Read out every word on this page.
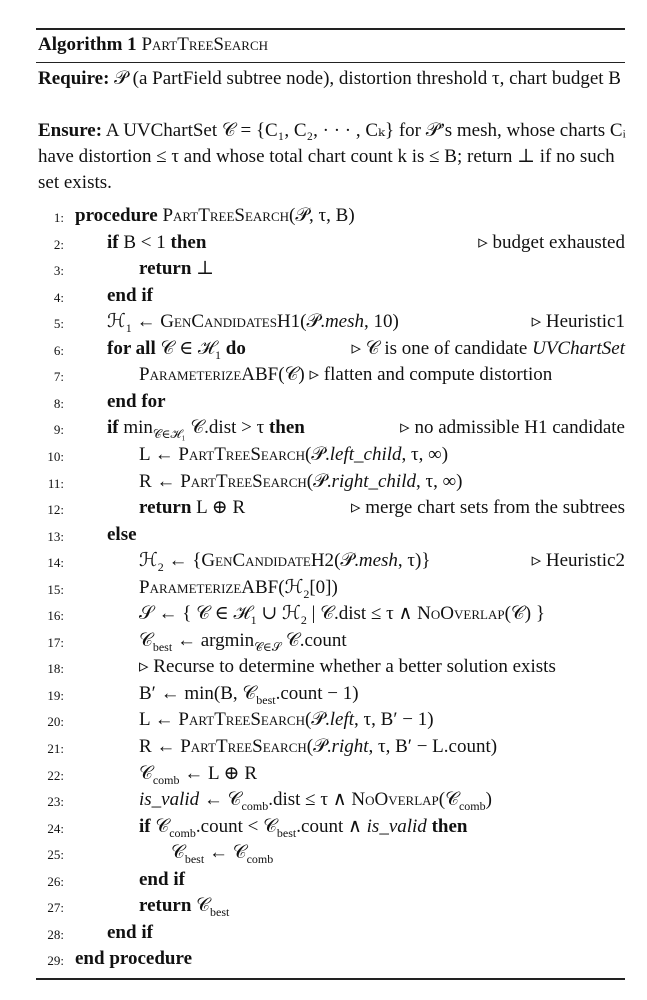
Algorithm 1 PartTreeSearch
Require: 𝒫 (a PartField subtree node), distortion threshold τ, chart budget B
Ensure: A UVChartSet 𝒞 = {C₁, C₂, · · · , Cₖ} for 𝒫’s mesh, whose charts Cᵢ have distortion ≤ τ and whose total chart count k is ≤ B; return ⊥ if no such set exists.
1: procedure PartTreeSearch(𝒫, τ, B)
2: if B < 1 then	▹ budget exhausted
3:	return ⊥
4: end if
5: ℋ$_1$ ← GenCandidatesH1(𝒫.mesh, 10)	▹ Heuristic1
6: for all 𝒞 ∈ ℋ$_1$ do	▹ 𝒞 is one of candidate UVChartSet
7:	ParameterizeABF(𝒞) ▹ flatten and compute distortion
8: end for
9: if $\min_{𝒞\in ℋ_1}$ 𝒞.dist > τ then	▹ no admissible H1 candidate
10:	L ← PartTreeSearch(𝒫.left_child, τ, ∞)
11:	R ← PartTreeSearch(𝒫.right_child, τ, ∞)
12:	return L ⊕ R	▹ merge chart sets from the subtrees
13: else
14:	ℋ$_2$ ← {GenCandidateH2(𝒫.mesh, τ)}	▹ Heuristic2
15:	ParameterizeABF(ℋ$_2$[0])
16:	𝒮 ← { 𝒞 ∈ ℋ$_1$ ∪ ℋ$_2$ | 𝒞.dist ≤ τ ∧ NoOverlap(𝒞) }
17:	𝒞$_{best}$ ← argmin$_{𝒞\in 𝒮}$ 𝒞.count
18:	▹ Recurse to determine whether a better solution exists
19:	B′ ← min(B, 𝒞$_{best}$.count − 1)
20:	L ← PartTreeSearch(𝒫.left, τ, B′ − 1)
21:	R ← PartTreeSearch(𝒫.right, τ, B′ − L.count)
22:	𝒞$_{comb}$ ← L ⊕ R
23:	is_valid ← 𝒞$_{comb}$.dist ≤ τ ∧ NoOverlap(𝒞$_{comb}$)
24:	if 𝒞$_{comb}$.count < 𝒞$_{best}$.count ∧ is_valid then
25:	𝒞$_{best}$ ← 𝒞$_{comb}$
26:	end if
27:	return 𝒞$_{best}$
28: end if
29: end procedure
